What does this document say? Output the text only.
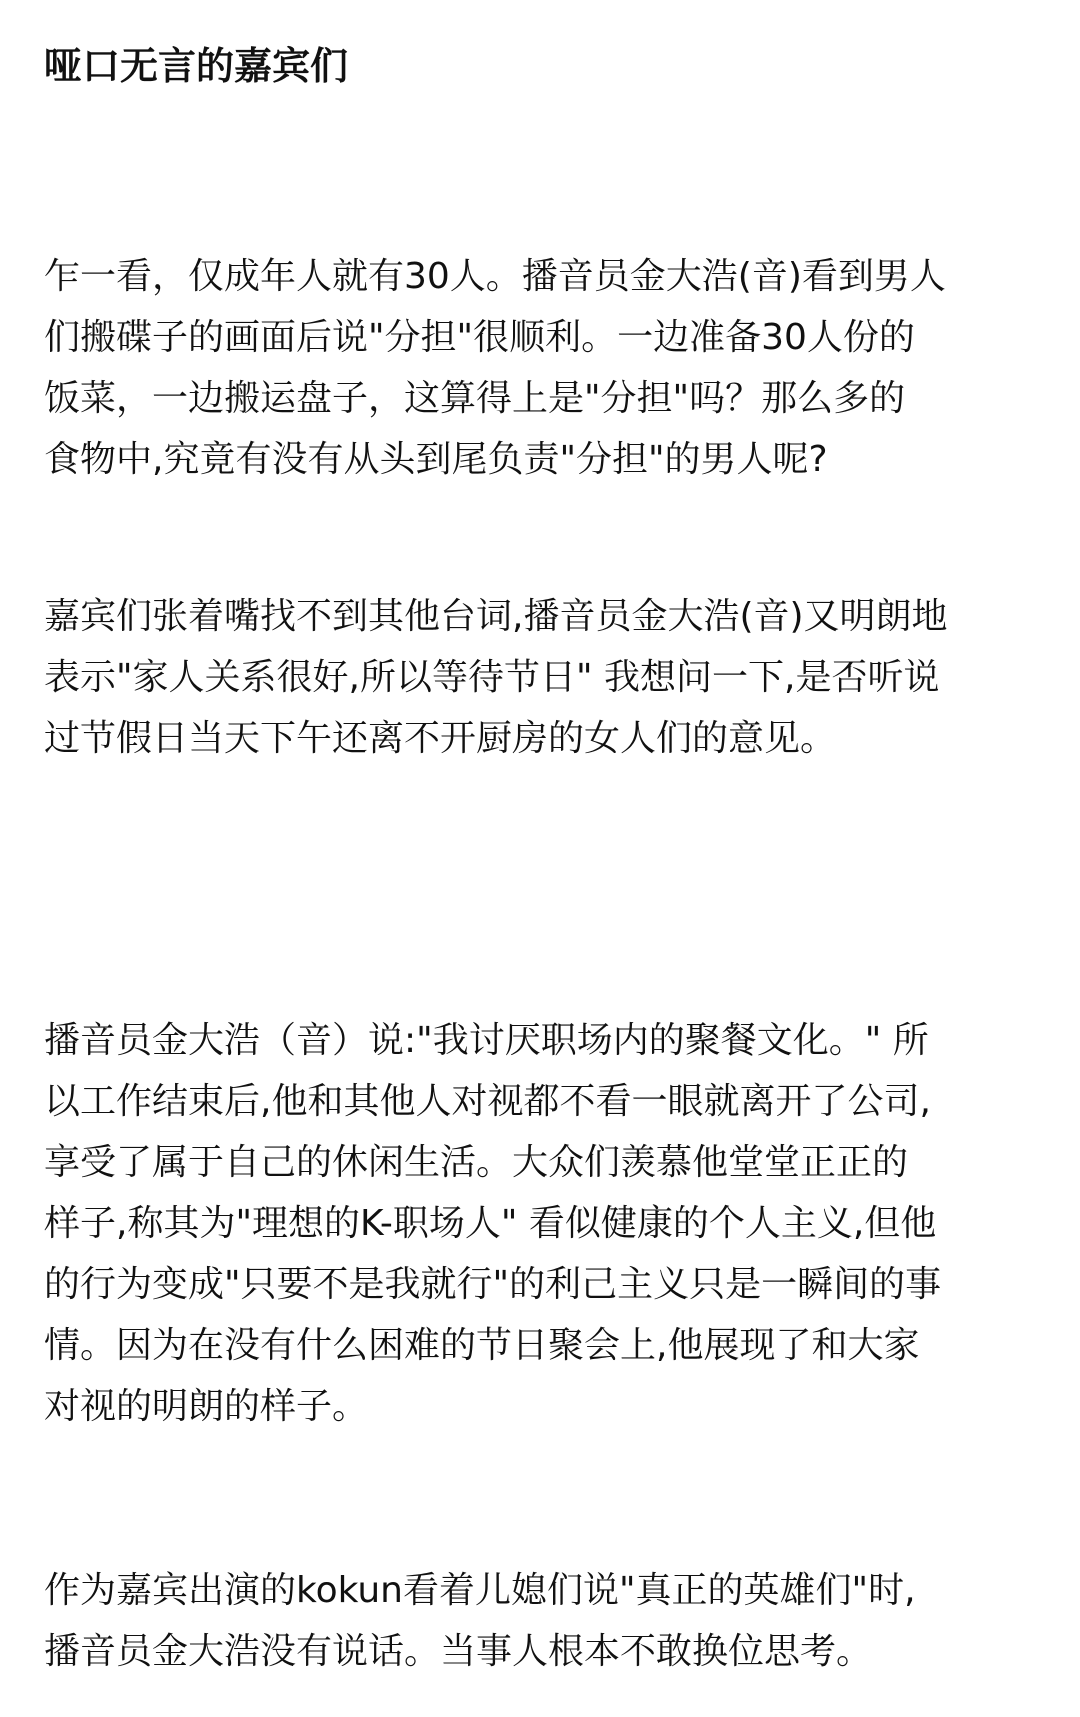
哑口无言的嘉宾们

乍一看，仅成年人就有30人。播音员金大浩(音)看到男人
们搬碟子的画面后说"分担"很顺利。一边准备30人份的
饭菜，一边搬运盘子，这算得上是"分担"吗？那么多的
食物中,究竟有没有从头到尾负责"分担"的男人呢?

嘉宾们张着嘴找不到其他台词,播音员金大浩(音)又明朗地
表示"家人关系很好,所以等待节日" 我想问一下,是否听说
过节假日当天下午还离不开厨房的女人们的意见。

播音员金大浩（音）说:"我讨厌职场内的聚餐文化。" 所
以工作结束后,他和其他人对视都不看一眼就离开了公司,
享受了属于自己的休闲生活。大众们羡慕他堂堂正正的
样子,称其为"理想的K-职场人" 看似健康的个人主义,但他
的行为变成"只要不是我就行"的利己主义只是一瞬间的事
情。因为在没有什么困难的节日聚会上,他展现了和大家
对视的明朗的样子。

作为嘉宾出演的kokun看着儿媳们说"真正的英雄们"时,
播音员金大浩没有说话。当事人根本不敢换位思考。
